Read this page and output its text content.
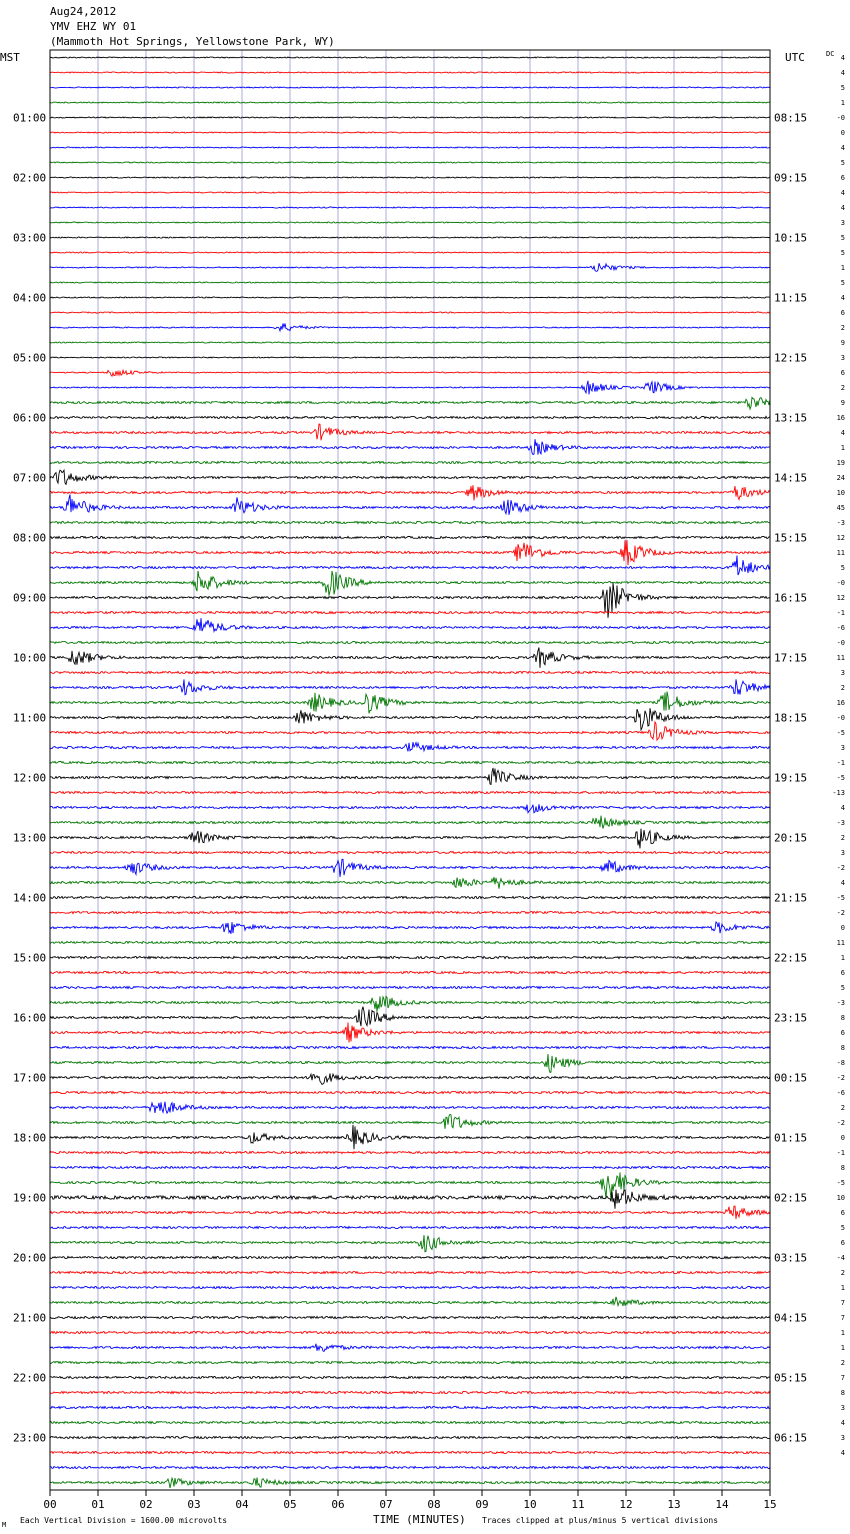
Aug24,2012
YMV EHZ WY 01
(Mammoth Hot Springs, Yellowstone Park, WY)
MST	UTC	DC
01:00
02:00
03:00
04:00
05:00
06:00
07:00
08:00
09:00
10:00
11:00
12:00
13:00
14:00
15:00
16:00
17:00
18:00
19:00
20:00
21:00
22:00
23:00
08:15
09:15
10:15
11:15
12:15
13:15
14:15
15:15
16:15
17:15
18:15
19:15
20:15
21:15
22:15
23:15
00:15
01:15
02:15
03:15
04:15
05:15
06:15
4
4
5
1
-0
0
4
5
6
4
4
3
5
5
1
5
4
6
2
9
3
6
2
9
16
4
1
19
24
10
45
-3
12
11
5
-0
12
-1
-6
-0
11
3
2
16
-0
-5
3
-1
-5
-13
4
-3
2
3
-2
4
-5
-2
0
11
1
6
5
-3
8
6
8
-8
-2
-6
2
-2
0
-1
8
-5
10
6
5
6
-4
2
1
7
7
1
1
2
7
8
3
4
3
4
00	01	02	03	04	05	06	07	08	09	10	11	12	13	14	15
TIME (MINUTES)
Each Vertical Division = 1600.00 microvolts	Traces clipped at plus/minus 5 vertical divisions
M
